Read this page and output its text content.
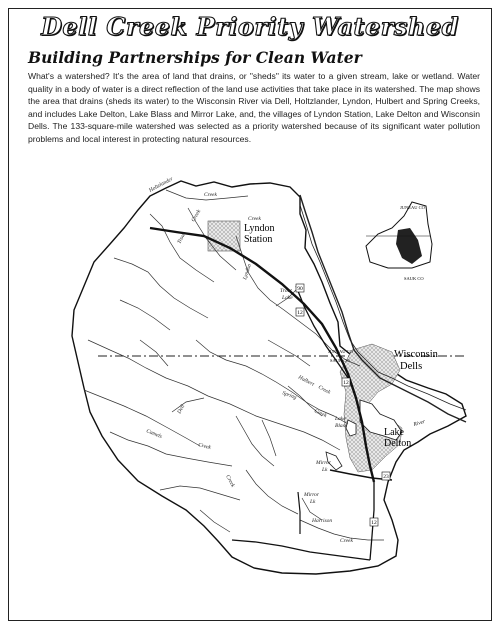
Dell Creek Priority Watershed
Building Partnerships for Clean Water
What's a watershed? It's the area of land that drains, or "sheds" its water to a given stream, lake or wetland. Water quality in a body of water is a direct reflection of the land use activities that take place in its watershed. The map shows the area that drains (sheds its water) to the Wisconsin River via Dell, Holtzlander, Lyndon, Hulbert and Spring Creeks, and includes Lake Delton, Lake Blass and Mirror Lake, and, the villages of Lyndon Station, Lake Delton and Wisconsin Dells. The 133-square-mile watershed was selected as a priority watershed because of its significant water pollution problems and local interest in protecting natural resources.
90
12
12
12
23
Lyndon
Station
Wisconsin
Dells
Lake
Delton
JUNEAU CO
SAUK CO
Holtzlander
Creek
Creek	Creek
Trout
Lyndon
Trout
Lake
Hulbert
Creek
Spring
Creek
Dell
Camels
Creek
Creek
Mirror
Lk
Mirror
Lk
Lake
Blass
Harrison
Creek
River
JUNEAU CO
SAUK CO
